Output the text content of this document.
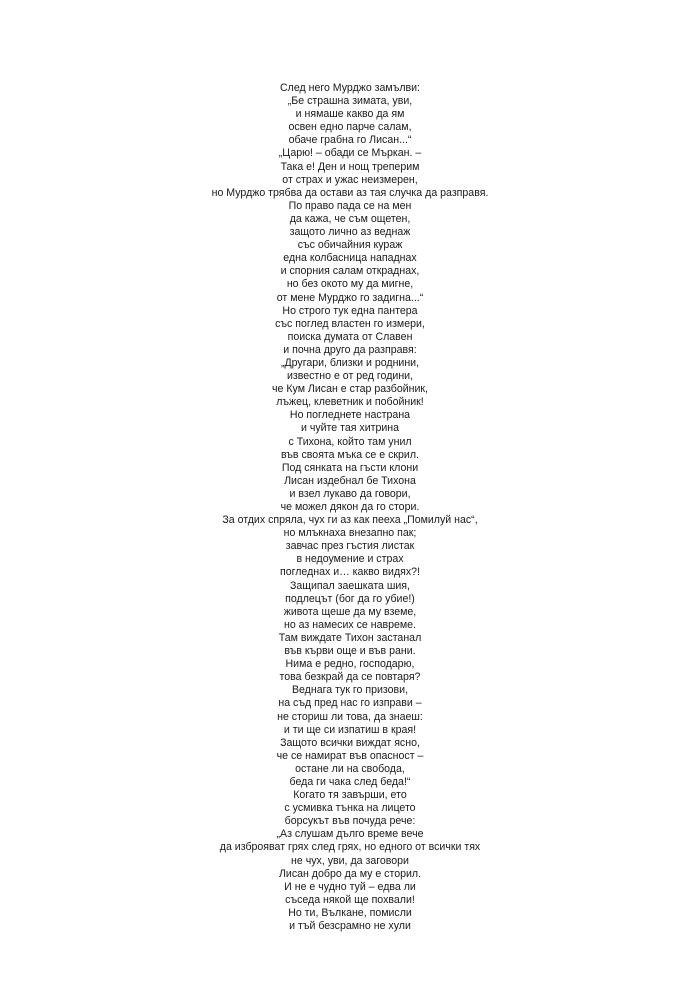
След него Мурджо замълви:
„Бе страшна зимата, уви,
и нямаше какво да ям
освен едно парче салам,
обаче грабна го Лисан...“
„Царю! – обади се Мъркан. –
Така е! Ден и нощ треперим
от страх и ужас неизмерен,
но Мурджо трябва да остави аз тая случка да разправя.
По право пада се на мен
да кажа, че съм ощетен,
защото лично аз веднаж
със обичайния кураж
една колбасница нападнах
и спорния салам откраднах,
но без окото му да мигне,
от мене Мурджо го задигна...“
Но строго тук една пантера
със поглед властен го измери,
поиска думата от Славен
и почна друго да разправя:
„Другари, близки и роднини,
известно е от ред години,
че Кум Лисан е стар разбойник,
лъжец, клеветник и побойник!
Но погледнете настрана
и чуйте тая хитрина
с Тихона, който там унил
във своята мъка се е скрил.
Под сянката на гъсти клони
Лисан издебнал бе Тихона
и взел лукаво да говори,
че можел дякон да го стори.
За отдих спряла, чух ги аз как пееха „Помилуй нас“,
но млъкнаха внезапно пак;
завчас през гъстия листак
в недоумение и страх
погледнах и… какво видях?!
Защипал заешката шия,
подлецът (бог да го убие!)
живота щеше да му вземе,
но аз намесих се навреме.
Там виждате Тихон застанал
във кърви още и във рани.
Нима е редно, господарю,
това безкрай да се повтаря?
Веднага тук го призови,
на съд пред нас го изправи –
не сториш ли това, да знаеш:
и ти ще си изпатиш в края!
Защото всички виждат ясно,
че се намират във опасност –
остане ли на свобода,
беда ги чака след беда!“
Когато тя завърши, ето
с усмивка тънка на лицето
борсукът във почуда рече:
„Аз слушам дълго време вече
да изброяват грях след грях, но едного от всички тях
не чух, уви, да заговори
Лисан добро да му е сторил.
И не е чудно туй – едва ли
съседа някой ще похвали!
Но ти, Вълкане, помисли
и тъй безсрамно не хули
